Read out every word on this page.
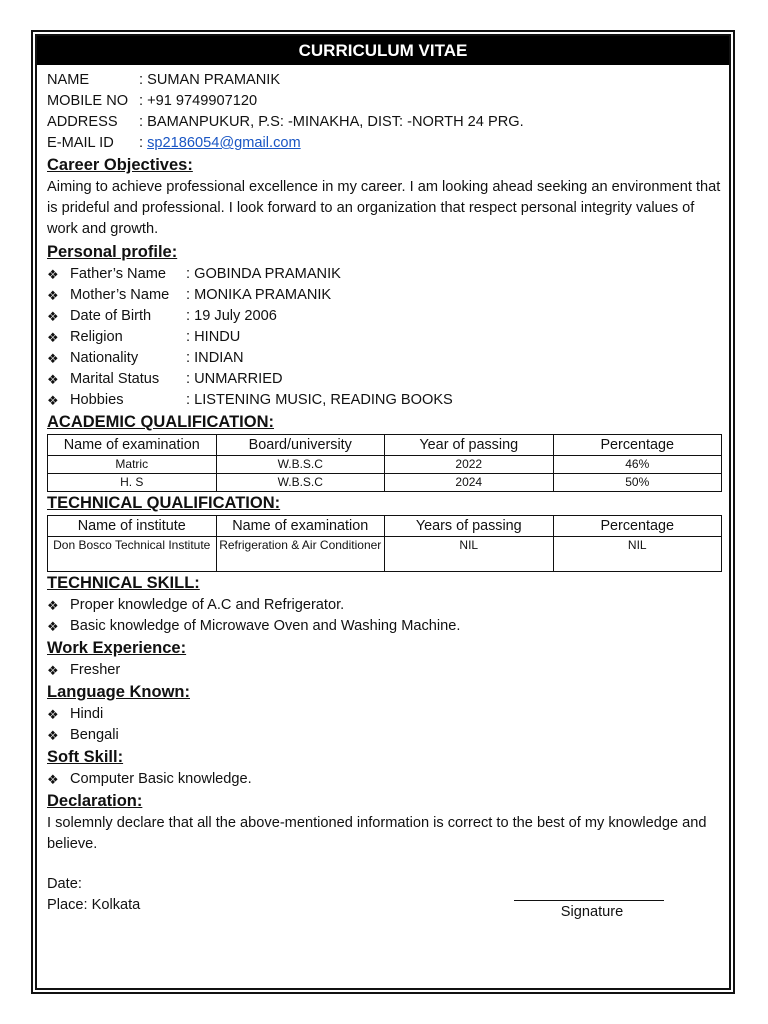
CURRICULUM VITAE
NAME	: SUMAN PRAMANIK
MOBILE NO : +91 9749907120
ADDRESS	: BAMANPUKUR, P.S: -MINAKHA, DIST: -NORTH 24 PRG.
E-MAIL ID	: sp2186054@gmail.com
Career Objectives:
Aiming to achieve professional excellence in my career. I am looking ahead seeking an environment that is prideful and professional. I look forward to an organization that respect personal integrity values of work and growth.
Personal profile:
❖ Father’s Name	: GOBINDA PRAMANIK
❖ Mother’s Name	: MONIKA PRAMANIK
❖ Date of Birth	: 19 July 2006
❖ Religion	: HINDU
❖ Nationality	: INDIAN
❖ Marital Status	: UNMARRIED
❖ Hobbies	: LISTENING MUSIC, READING BOOKS
ACADEMIC QUALIFICATION:
Name of examination	Board/university	Year of passing	Percentage
Matric	W.B.S.C	2022	46%
H. S	W.B.S.C	2024	50%
TECHNICAL QUALIFICATION:
Name of institute	Name of examination	Years of passing	Percentage
Don Bosco Technical Institute	Refrigeration & Air Conditioner	NIL	NIL
TECHNICAL SKILL:
❖ Proper knowledge of A.C and Refrigerator.
❖ Basic knowledge of Microwave Oven and Washing Machine.
Work Experience:
❖ Fresher
Language Known:
❖ Hindi
❖ Bengali
Soft Skill:
❖ Computer Basic knowledge.
Declaration:
I solemnly declare that all the above-mentioned information is correct to the best of my knowledge and believe.
Date:
Place: Kolkata	Signature
